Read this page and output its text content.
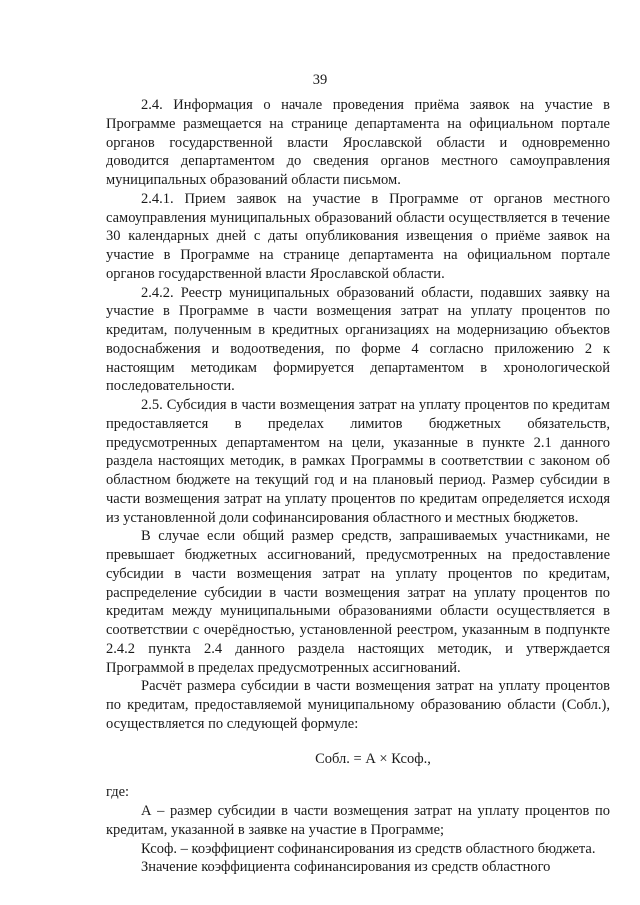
39

2.4. Информация о начале проведения приёма заявок на участие в Программе размещается на странице департамента на официальном портале органов государственной власти Ярославской области и одновременно доводится департаментом до сведения органов местного самоуправления муниципальных образований области письмом.

2.4.1. Прием заявок на участие в Программе от органов местного самоуправления муниципальных образований области осуществляется в течение 30 календарных дней с даты опубликования извещения о приёме заявок на участие в Программе на странице департамента на официальном портале органов государственной власти Ярославской области.

2.4.2. Реестр муниципальных образований области, подавших заявку на участие в Программе в части возмещения затрат на уплату процентов по кредитам, полученным в кредитных организациях на модернизацию объектов водоснабжения и водоотведения, по форме 4 согласно приложению 2 к настоящим методикам формируется департаментом в хронологической последовательности.

2.5. Субсидия в части возмещения затрат на уплату процентов по кредитам предоставляется в пределах лимитов бюджетных обязательств, предусмотренных департаментом на цели, указанные в пункте 2.1 данного раздела настоящих методик, в рамках Программы в соответствии с законом об областном бюджете на текущий год и на плановый период. Размер субсидии в части возмещения затрат на уплату процентов по кредитам определяется исходя из установленной доли софинансирования областного и местных бюджетов.

В случае если общий размер средств, запрашиваемых участниками, не превышает бюджетных ассигнований, предусмотренных на предоставление субсидии в части возмещения затрат на уплату процентов по кредитам, распределение субсидии в части возмещения затрат на уплату процентов по кредитам между муниципальными образованиями области осуществляется в соответствии с очерёдностью, установленной реестром, указанным в подпункте 2.4.2 пункта 2.4 данного раздела настоящих методик, и утверждается Программой в пределах предусмотренных ассигнований.

Расчёт размера субсидии в части возмещения затрат на уплату процентов по кредитам, предоставляемой муниципальному образованию области (Собл.), осуществляется по следующей формуле:

Собл. = А × Ксоф.,

где:

А – размер субсидии в части возмещения затрат на уплату процентов по кредитам, указанной в заявке на участие в Программе;

Ксоф. – коэффициент софинансирования из средств областного бюджета.

Значение коэффициента софинансирования из средств областного
